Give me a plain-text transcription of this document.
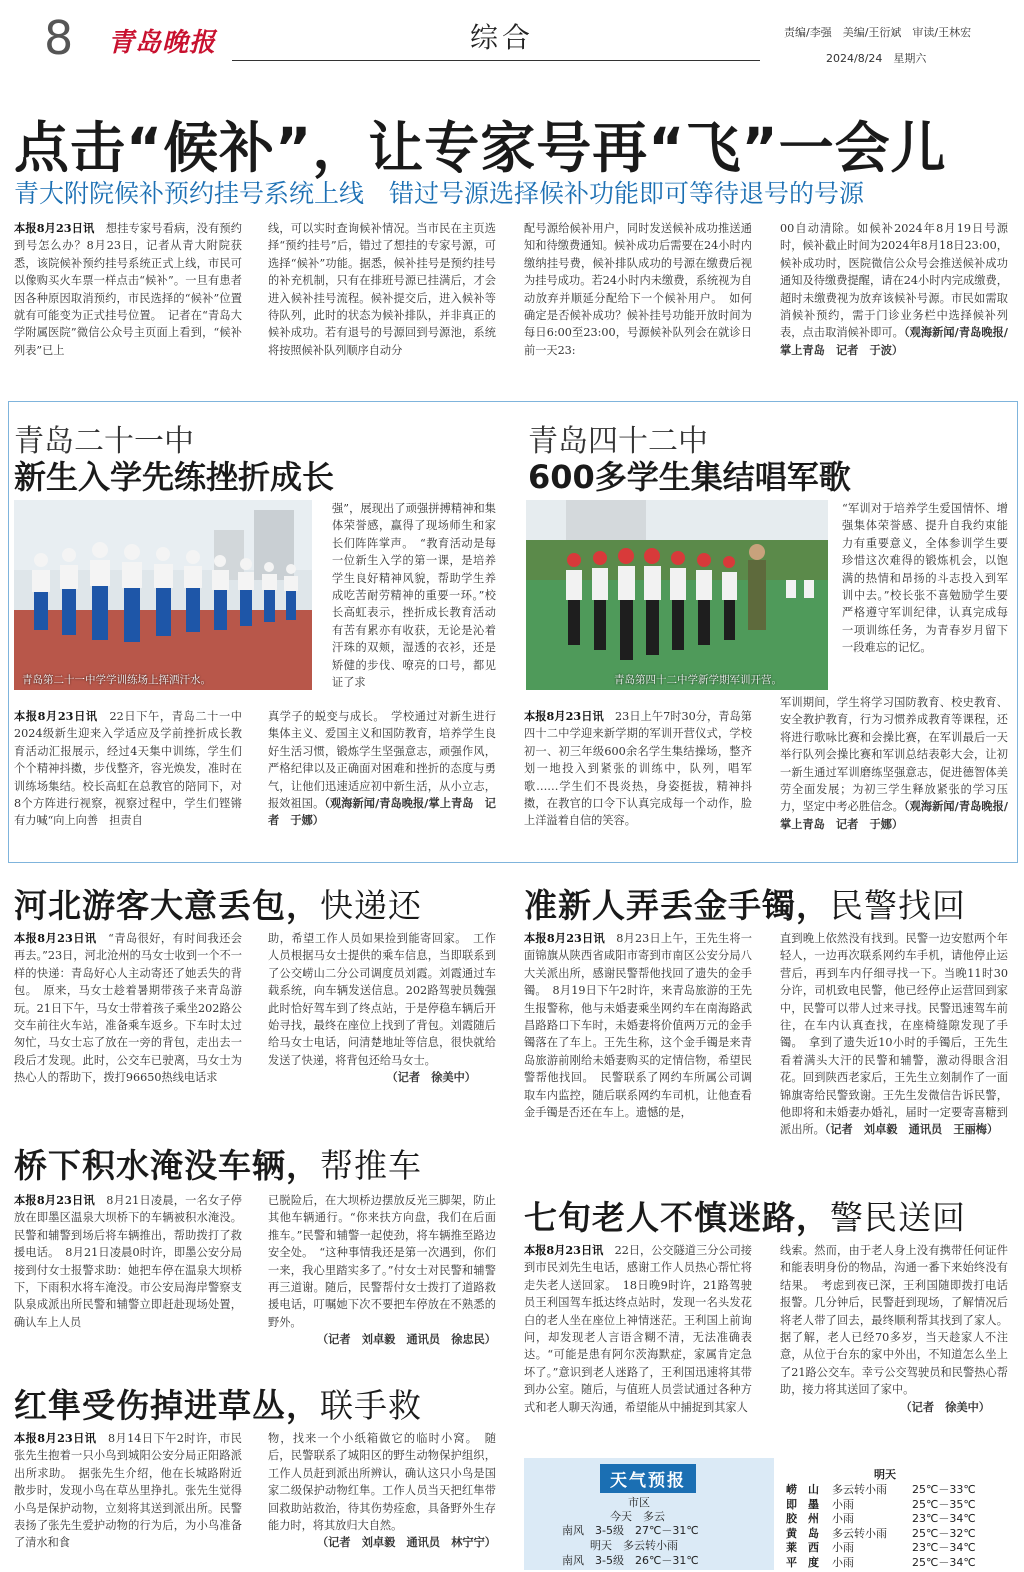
8 青岛晚报	综合	责编/李强　美编/王衍斌　审读/王林宏
2024/8/24　星期六
点击“候补”，让专家号再“飞”一会儿
青大附院候补预约挂号系统上线　错过号源选择候补功能即可等待退号的号源
本报8月23日讯　 想挂专家号看病，没有预约到号怎么办？8月23日，记者从青大附院获悉，该院候补预约挂号系统正式上线，市民可以像购买火车票一样点击“候补”。一旦有患者因各种原因取消预约，市民选择的“候补”位置就有可能变为正式挂号位置。　记者在“青岛大学附属医院”微信公众号主页面上看到，“候补列表”已上
线，可以实时查询候补情况。当市民在主页选择“预约挂号”后，错过了想挂的专家号源，可选择“候补”功能。据悉，候补挂号是预约挂号的补充机制，只有在排班号源已挂满后，才会进入候补挂号流程。候补提交后，进入候补等待队列，此时的状态为候补排队，并非真正的候补成功。若有退号的号源回到号源池，系统将按照候补队列顺序自动分
配号源给候补用户，同时发送候补成功推送通知和待缴费通知。候补成功后需要在24小时内缴纳挂号费，候补排队成功的号源在缴费后视为挂号成功。若24小时内未缴费，系统视为自动放弃并顺延分配给下一个候补用户。　如何确定是否候补成功？候补挂号功能开放时间为每日6:00至23:00，号源候补队列会在就诊日前一天23:
00自动清除。如候补2024年8月19日号源时，候补截止时间为2024年8月18日23:00，候补成功时，医院微信公众号会推送候补成功通知及待缴费提醒，请在24小时内完成缴费，超时未缴费视为放弃该候补号源。市民如需取消候补预约，需于门诊业务栏中选择候补列表，点击取消候补即可。（观海新闻/青岛晚报/掌上青岛　记者　于波）
青岛二十一中
新生入学先练挫折成长
青岛第二十一中学学训练场上挥洒汗水。
强”，展现出了顽强拼搏精神和集体荣誉感，赢得了现场师生和家长们阵阵掌声。　“教育活动是每一位新生入学的第一课，是培养学生良好精神风貌，帮助学生养成吃苦耐劳精神的重要一环。”校长高虹表示，挫折成长教育活动有苦有累亦有收获，无论是沁着汗珠的双颊，湿透的衣衫，还是矫健的步伐、嘹亮的口号，都见证了求
本报8月23日讯　 22日下午，青岛二十一中2024级新生迎来入学适应及学前挫折成长教育活动汇报展示，经过4天集中训练，学生们个个精神抖擞，步伐整齐，容光焕发，准时在训练场集结。校长高虹在总教官的陪同下，对8个方阵进行视察，视察过程中，学生们铿锵有力喊“向上向善　担责自
真学子的蜕变与成长。　学校通过对新生进行集体主义、爱国主义和国防教育，培养学生良好生活习惯，锻炼学生坚强意志，顽强作风，严格纪律以及正确面对困难和挫折的态度与勇气，让他们迅速适应初中新生活，从小立志，报效祖国。（观海新闻/青岛晚报/掌上青岛　记者　于娜）
青岛四十二中
600多学生集结唱军歌
青岛第四十二中学新学期军训开营。
“军训对于培养学生爱国情怀、增强集体荣誉感、提升自我约束能力有重要意义，全体参训学生要珍惜这次难得的锻炼机会，以饱满的热情和昂扬的斗志投入到军训中去。”校长张不喜勉励学生要严格遵守军训纪律，认真完成每一项训练任务，为青春岁月留下一段难忘的记忆。
本报8月23日讯　 23日上午7时30分，青岛第四十二中学迎来新学期的军训开营仪式，学校初一、初三年级600余名学生集结操场，整齐划一地投入到紧张的训练中，队列，唱军歌……学生们不畏炎热，身姿挺拔，精神抖擞，在教官的口令下认真完成每一个动作，脸上洋溢着自信的笑容。
军训期间，学生将学习国防教育、校史教育、安全教护教育，行为习惯养成教育等课程，还将进行歌咏比赛和会操比赛，在军训最后一天举行队列会操比赛和军训总结表彰大会，让初一新生通过军训磨练坚强意志，促进德智体美劳全面发展；为初三学生释放紧张的学习压力，坚定中考必胜信念。（观海新闻/青岛晚报/掌上青岛　记者　于娜）
河北游客大意丢包，快递还
本报8月23日讯　 “青岛很好，有时间我还会再去。”23日，河北沧州的马女士收到一个不一样的快递：青岛好心人主动寄还了她丢失的背包。　原来，马女士趁着暑期带孩子来青岛游玩。21日下午，马女士带着孩子乘坐202路公交车前往火车站，准备乘车返乡。下车时太过匆忙，马女士忘了放在一旁的背包，走出去一段后才发现。此时，公交车已驶离，马女士为热心人的帮助下，拨打96650热线电话求
助，希望工作人员如果捡到能寄回家。　工作人员根据马女士提供的乘车信息，当即联系到了公交崂山二分公司调度员刘霞。刘霞通过车载系统，向车辆发送信息。202路驾驶员魏强此时恰好驾车到了终点站，于是停稳车辆后开始寻找，最终在座位上找到了背包。刘霞随后给马女士电话，问清楚地址等信息，很快就给发送了快递，将背包还给马女士。
（记者　徐美中）
桥下积水淹没车辆，帮推车
本报8月23日讯　 8月21日凌晨，一名女子停放在即墨区温泉大坝桥下的车辆被积水淹没。民警和辅警到场后将车辆推出，帮助拨打了救援电话。　8月21日凌晨0时许，即墨公安分局接到付女士报警求助：她把车停在温泉大坝桥下，下雨积水将车淹没。市公安局海岸警察支队泉成派出所民警和辅警立即赶赴现场处置，确认车上人员
已脱险后，在大坝桥边摆放反光三脚架，防止其他车辆通行。“你来扶方向盘，我们在后面推车。”民警和辅警一起使劲，将车辆推至路边安全处。　“这种事情我还是第一次遇到，你们一来，我心里踏实多了。”付女士对民警和辅警再三道谢。随后，民警帮付女士拨打了道路救援电话，叮嘱她下次不要把车停放在不熟悉的野外。
（记者　刘卓毅　通讯员　徐忠民）
红隼受伤掉进草丛，联手救
本报8月23日讯　 8月14日下午2时许，市民张先生抱着一只小鸟到城阳公安分局正阳路派出所求助。　据张先生介绍，他在长城路附近散步时，发现小鸟在草丛里挣扎。张先生觉得小鸟是保护动物，立刻将其送到派出所。民警表扬了张先生爱护动物的行为后，为小鸟准备了清水和食
物，找来一个小纸箱做它的临时小窝。　随后，民警联系了城阳区的野生动物保护组织，工作人员赶到派出所辨认，确认这只小鸟是国家二级保护动物红隼。工作人员当天把红隼带回救助站救治，待其伤势痊愈，具备野外生存能力时，将其放归大自然。
（记者　刘卓毅　通讯员　林宁宁）
准新人弄丢金手镯，民警找回
本报8月23日讯　 8月23日上午，王先生将一面锦旗从陕西省咸阳市寄到市南区公安分局八大关派出所，感谢民警帮他找回了遗失的金手镯。　8月19日下午2时许，来青岛旅游的王先生报警称，他与未婚妻乘坐网约车在南海路武昌路路口下车时，未婚妻将价值两万元的金手镯落在了车上。王先生称，这个金手镯是来青岛旅游前刚给未婚妻购买的定情信物，希望民警帮他找回。　民警联系了网约车所属公司调取车内监控，随后联系网约车司机，让他查看金手镯是否还在车上。遗憾的是，
直到晚上依然没有找到。民警一边安慰两个年轻人，一边再次联系网约车手机，请他停止运营后，再到车内仔细寻找一下。当晚11时30分许，司机致电民警，他已经停止运营回到家中，民警可以带人过来寻找。民警迅速驾车前往，在车内认真查找，在座椅缝隙发现了手镯。　拿到了遗失近10小时的手镯后，王先生看着满头大汗的民警和辅警，激动得眼含泪花。回到陕西老家后，王先生立刻制作了一面锦旗寄给民警致谢。王先生发微信告诉民警，他即将和未婚妻办婚礼，届时一定要寄喜糖到派出所。（记者　刘卓毅　通讯员　王丽梅）
七旬老人不慎迷路，警民送回
本报8月23日讯　 22日，公交隧道三分公司接到市民刘先生电话，感谢工作人员热心帮忙将走失老人送回家。　18日晚9时许，21路驾驶员王利国驾车抵达终点站时，发现一名头发花白的老人坐在座位上神情迷茫。王利国上前询问，却发现老人言语含糊不清，无法准确表达。“可能是患有阿尔茨海默症，家属肯定急坏了。”意识到老人迷路了，王利国迅速将其带到办公室。随后，与值班人员尝试通过各种方式和老人聊天沟通，希望能从中捕捉到其家人
线索。然而，由于老人身上没有携带任何证件和能表明身份的物品，沟通一番下来始终没有结果。　考虑到夜已深，王利国随即拨打电话报警。几分钟后，民警赶到现场，了解情况后将老人带了回去，最终顺利帮其找到了家人。据了解，老人已经70多岁，当天趁家人不注意，从位于台东的家中外出，不知道怎么坐上了21路公交车。幸亏公交驾驶员和民警热心帮助，接力将其送回了家中。
（记者　徐美中）
天气预报
市区
今天　 多云
南风　3-5级　 27℃－31℃
明天　 多云转小雨
南风　3-5级　 26℃－31℃
明天
崂　山 多云转小雨 25℃－33℃
即　墨 小雨	25℃－35℃
胶　州 小雨	23℃－34℃
黄　岛 多云转小雨 25℃－32℃
莱　西 小雨	23℃－34℃
平　度 小雨	25℃－34℃
